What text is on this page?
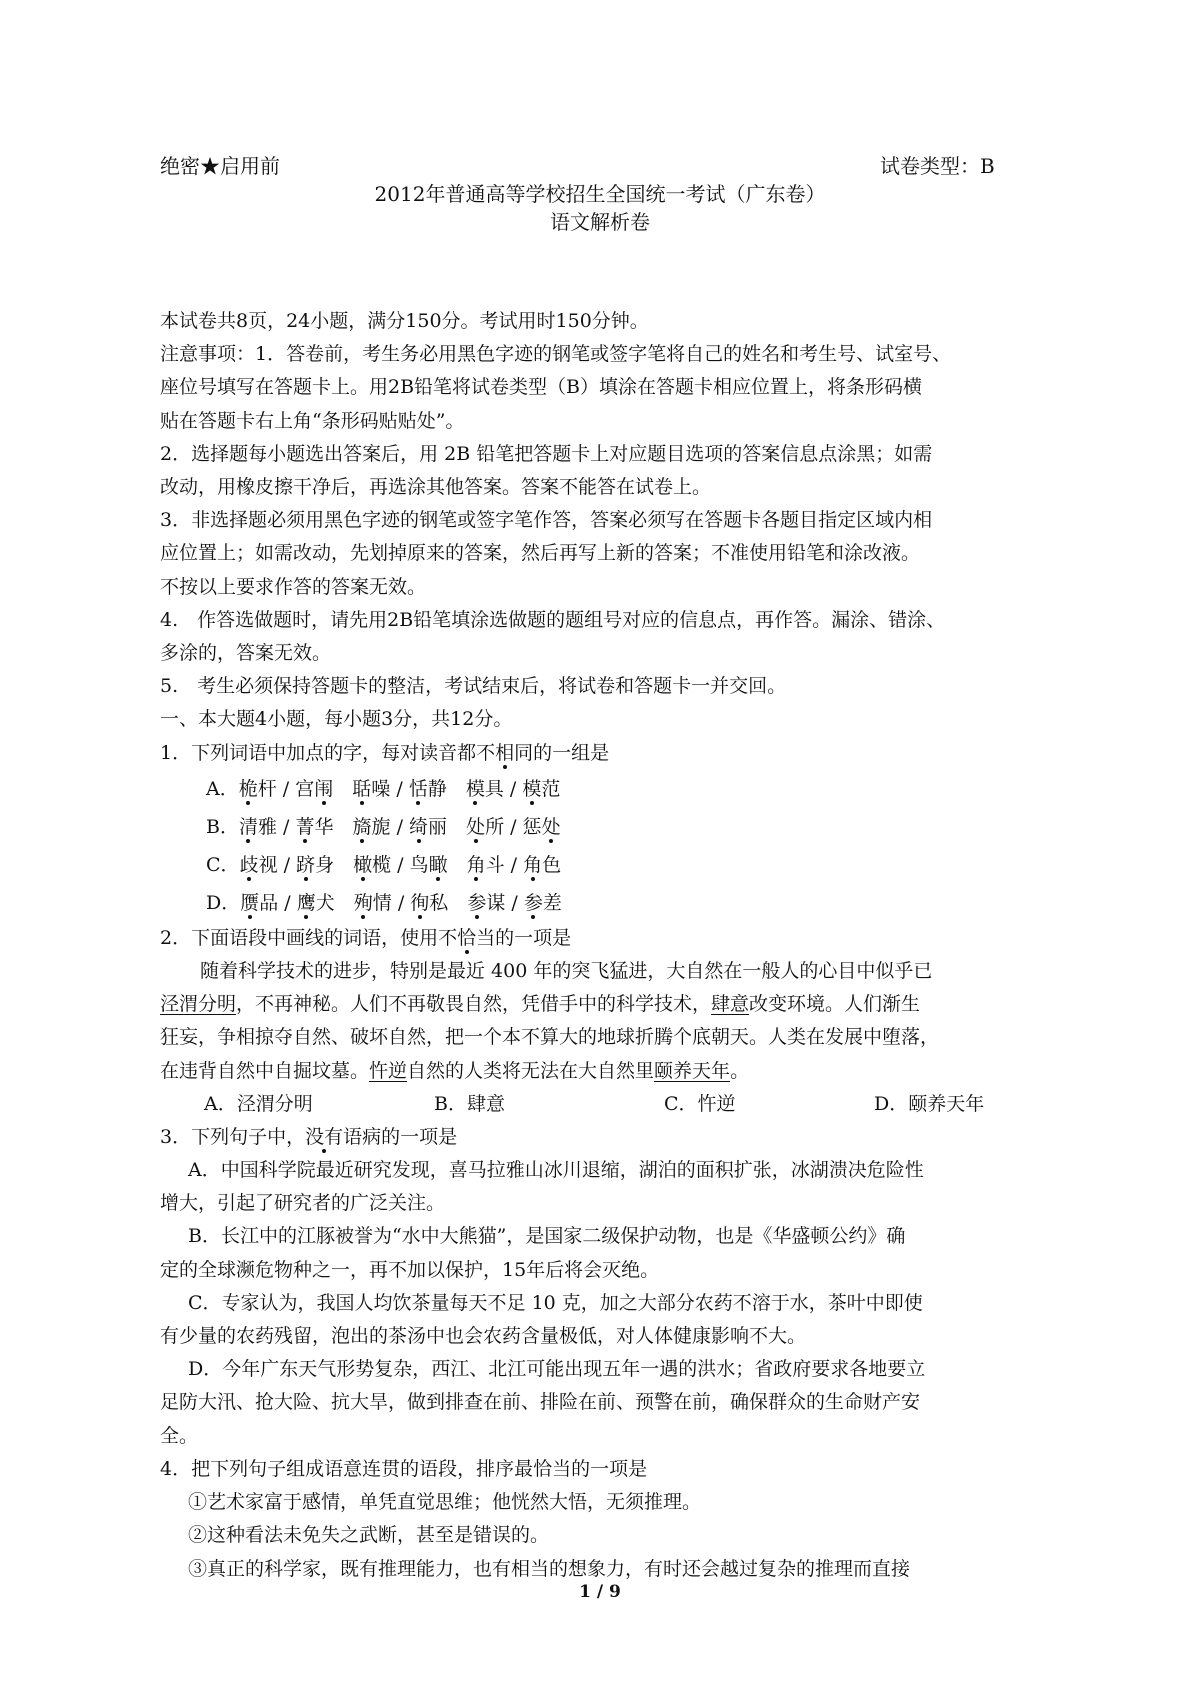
绝密★启用前	试卷类型：B
2012年普通高等学校招生全国统一考试（广东卷）
语文解析卷
本试卷共8页，24小题，满分150分。考试用时150分钟。
注意事项：1．答卷前，考生务必用黑色字迹的钢笔或签字笔将自己的姓名和考生号、试室号、
座位号填写在答题卡上。用2B铅笔将试卷类型（B）填涂在答题卡相应位置上，将条形码横
贴在答题卡右上角“条形码贴贴处”。
2．选择题每小题选出答案后，用 2B 铅笔把答题卡上对应题目选项的答案信息点涂黑；如需
改动，用橡皮擦干净后，再选涂其他答案。答案不能答在试卷上。
3．非选择题必须用黑色字迹的钢笔或签字笔作答，答案必须写在答题卡各题目指定区域内相
应位置上；如需改动，先划掉原来的答案，然后再写上新的答案；不准使用铅笔和涂改液。
不按以上要求作答的答案无效。
4.　作答选做题时，请先用2B铅笔填涂选做题的题组号对应的信息点，再作答。漏涂、错涂、
多涂的，答案无效。
5.　考生必须保持答题卡的整洁，考试结束后，将试卷和答题卡一并交回。
一、本大题4小题，每小题3分，共12分。
1．下列词语中加点的字，每对读音都不相同的一组是
A．桅杆 / 宫闱　 聒噪 / 恬静　 模具 / 模范
B．清雅 / 菁华　 旖旎 / 绮丽　 处所 / 惩处
C．歧视 / 跻身　 橄榄 / 鸟瞰　 角斗 / 角色
D．赝品 / 鹰犬　 殉情 / 徇私　 参谋 / 参差
2．下面语段中画线的词语，使用不恰当的一项是
随着科学技术的进步，特别是最近 400 年的突飞猛进，大自然在一般人的心目中似乎已
泾渭分明，不再神秘。人们不再敬畏自然，凭借手中的科学技术，肆意改变环境。人们渐生
狂妄，争相掠夺自然、破坏自然，把一个本不算大的地球折腾个底朝天。人类在发展中堕落，
在违背自然中自掘坟墓。忤逆自然的人类将无法在大自然里颐养天年。
A．泾渭分明	B．肆意	C．忤逆	D．颐养天年
3．下列句子中，没有语病的一项是
A．中国科学院最近研究发现，喜马拉雅山冰川退缩，湖泊的面积扩张，冰湖溃决危险性
增大，引起了研究者的广泛关注。
B．长江中的江豚被誉为“水中大熊猫”，是国家二级保护动物，也是《华盛顿公约》确
定的全球濒危物种之一，再不加以保护，15年后将会灭绝。
C．专家认为，我国人均饮茶量每天不足 10 克，加之大部分农药不溶于水，茶叶中即使
有少量的农药残留，泡出的茶汤中也会农药含量极低，对人体健康影响不大。
D．今年广东天气形势复杂，西江、北江可能出现五年一遇的洪水；省政府要求各地要立
足防大汛、抢大险、抗大旱，做到排查在前、排险在前、预警在前，确保群众的生命财产安
全。
4．把下列句子组成语意连贯的语段，排序最恰当的一项是
①艺术家富于感情，单凭直觉思维；他恍然大悟，无须推理。
②这种看法未免失之武断，甚至是错误的。
③真正的科学家，既有推理能力，也有相当的想象力，有时还会越过复杂的推理而直接
1 / 9
